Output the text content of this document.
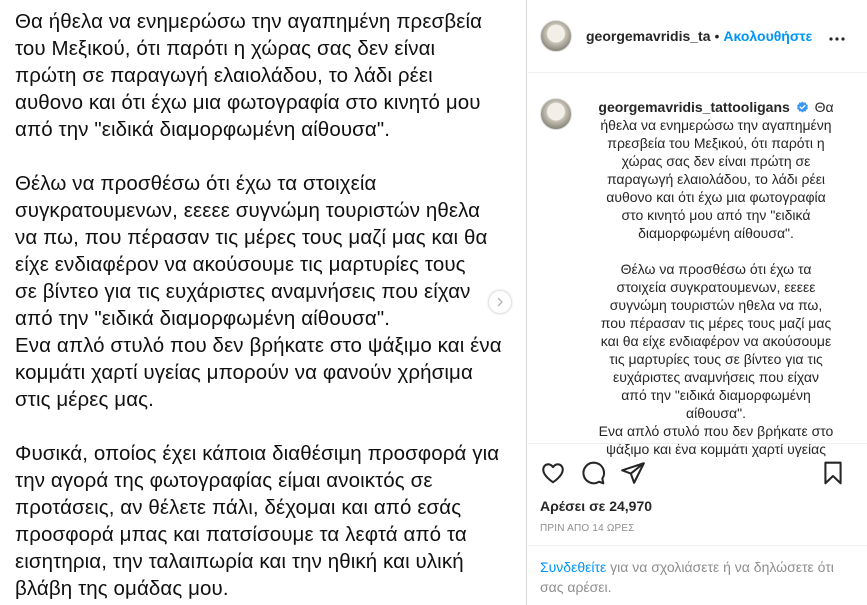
Θα ήθελα να ενημερώσω την αγαπημένη πρεσβεία
του Μεξικού, ότι παρότι η χώρας σας δεν είναι
πρώτη σε παραγωγή ελαιολάδου, το λάδι ρέει
αυθονο και ότι έχω μια φωτογραφία στο κινητό μου
από την "ειδικά διαμορφωμένη αίθουσα".
Θέλω να προσθέσω ότι έχω τα στοιχεία
συγκρατουμενων, εεεεε συγνώμη τουριστών ηθελα
να πω, που πέρασαν τις μέρες τους μαζί μας και θα
είχε ενδιαφέρον να ακούσουμε τις μαρτυρίες τους
σε βίντεο για τις ευχάριστες αναμνήσεις που είχαν
από την "ειδικά διαμορφωμένη αίθουσα".
Ενα απλό στυλό που δεν βρήκατε στο ψάξιμο και ένα
κομμάτι χαρτί υγείας μπορούν να φανούν χρήσιμα
στις μέρες μας.
Φυσικά, οποίος έχει κάποια διαθέσιμη προσφορά για
την αγορά της φωτογραφίας είμαι ανοικτός σε
προτάσεις, αν θέλετε πάλι, δέχομαι και από εσάς
προσφορά μπας και πατσίσουμε τα λεφτά από τα
εισητηρια, την ταλαιπωρία και την ηθική και υλική
βλάβη της ομάδας μου.
georgemavridis_ta • Ακολουθήστε
georgemavridis_tattooligans Θα
ήθελα να ενημερώσω την αγαπημένη
πρεσβεία του Μεξικού, ότι παρότι η
χώρας σας δεν είναι πρώτη σε
παραγωγή ελαιολάδου, το λάδι ρέει
αυθονο και ότι έχω μια φωτογραφία
στο κινητό μου από την "ειδικά
διαμορφωμένη αίθουσα".
Θέλω να προσθέσω ότι έχω τα
στοιχεία συγκρατουμενων, εεεεε
συγνώμη τουριστών ηθελα να πω,
που πέρασαν τις μέρες τους μαζί μας
και θα είχε ενδιαφέρον να ακούσουμε
τις μαρτυρίες τους σε βίντεο για τις
ευχάριστες αναμνήσεις που είχαν
από την "ειδικά διαμορφωμένη
αίθουσα".
Ενα απλό στυλό που δεν βρήκατε στο
ψάξιμο και ένα κομμάτι χαρτί υγείας
Αρέσει σε 24,970
ΠΡΙΝ ΑΠΟ 14 ΩΡΕΣ
Συνδεθείτε για να σχολιάσετε ή να δηλώσετε ότι σας αρέσει.
